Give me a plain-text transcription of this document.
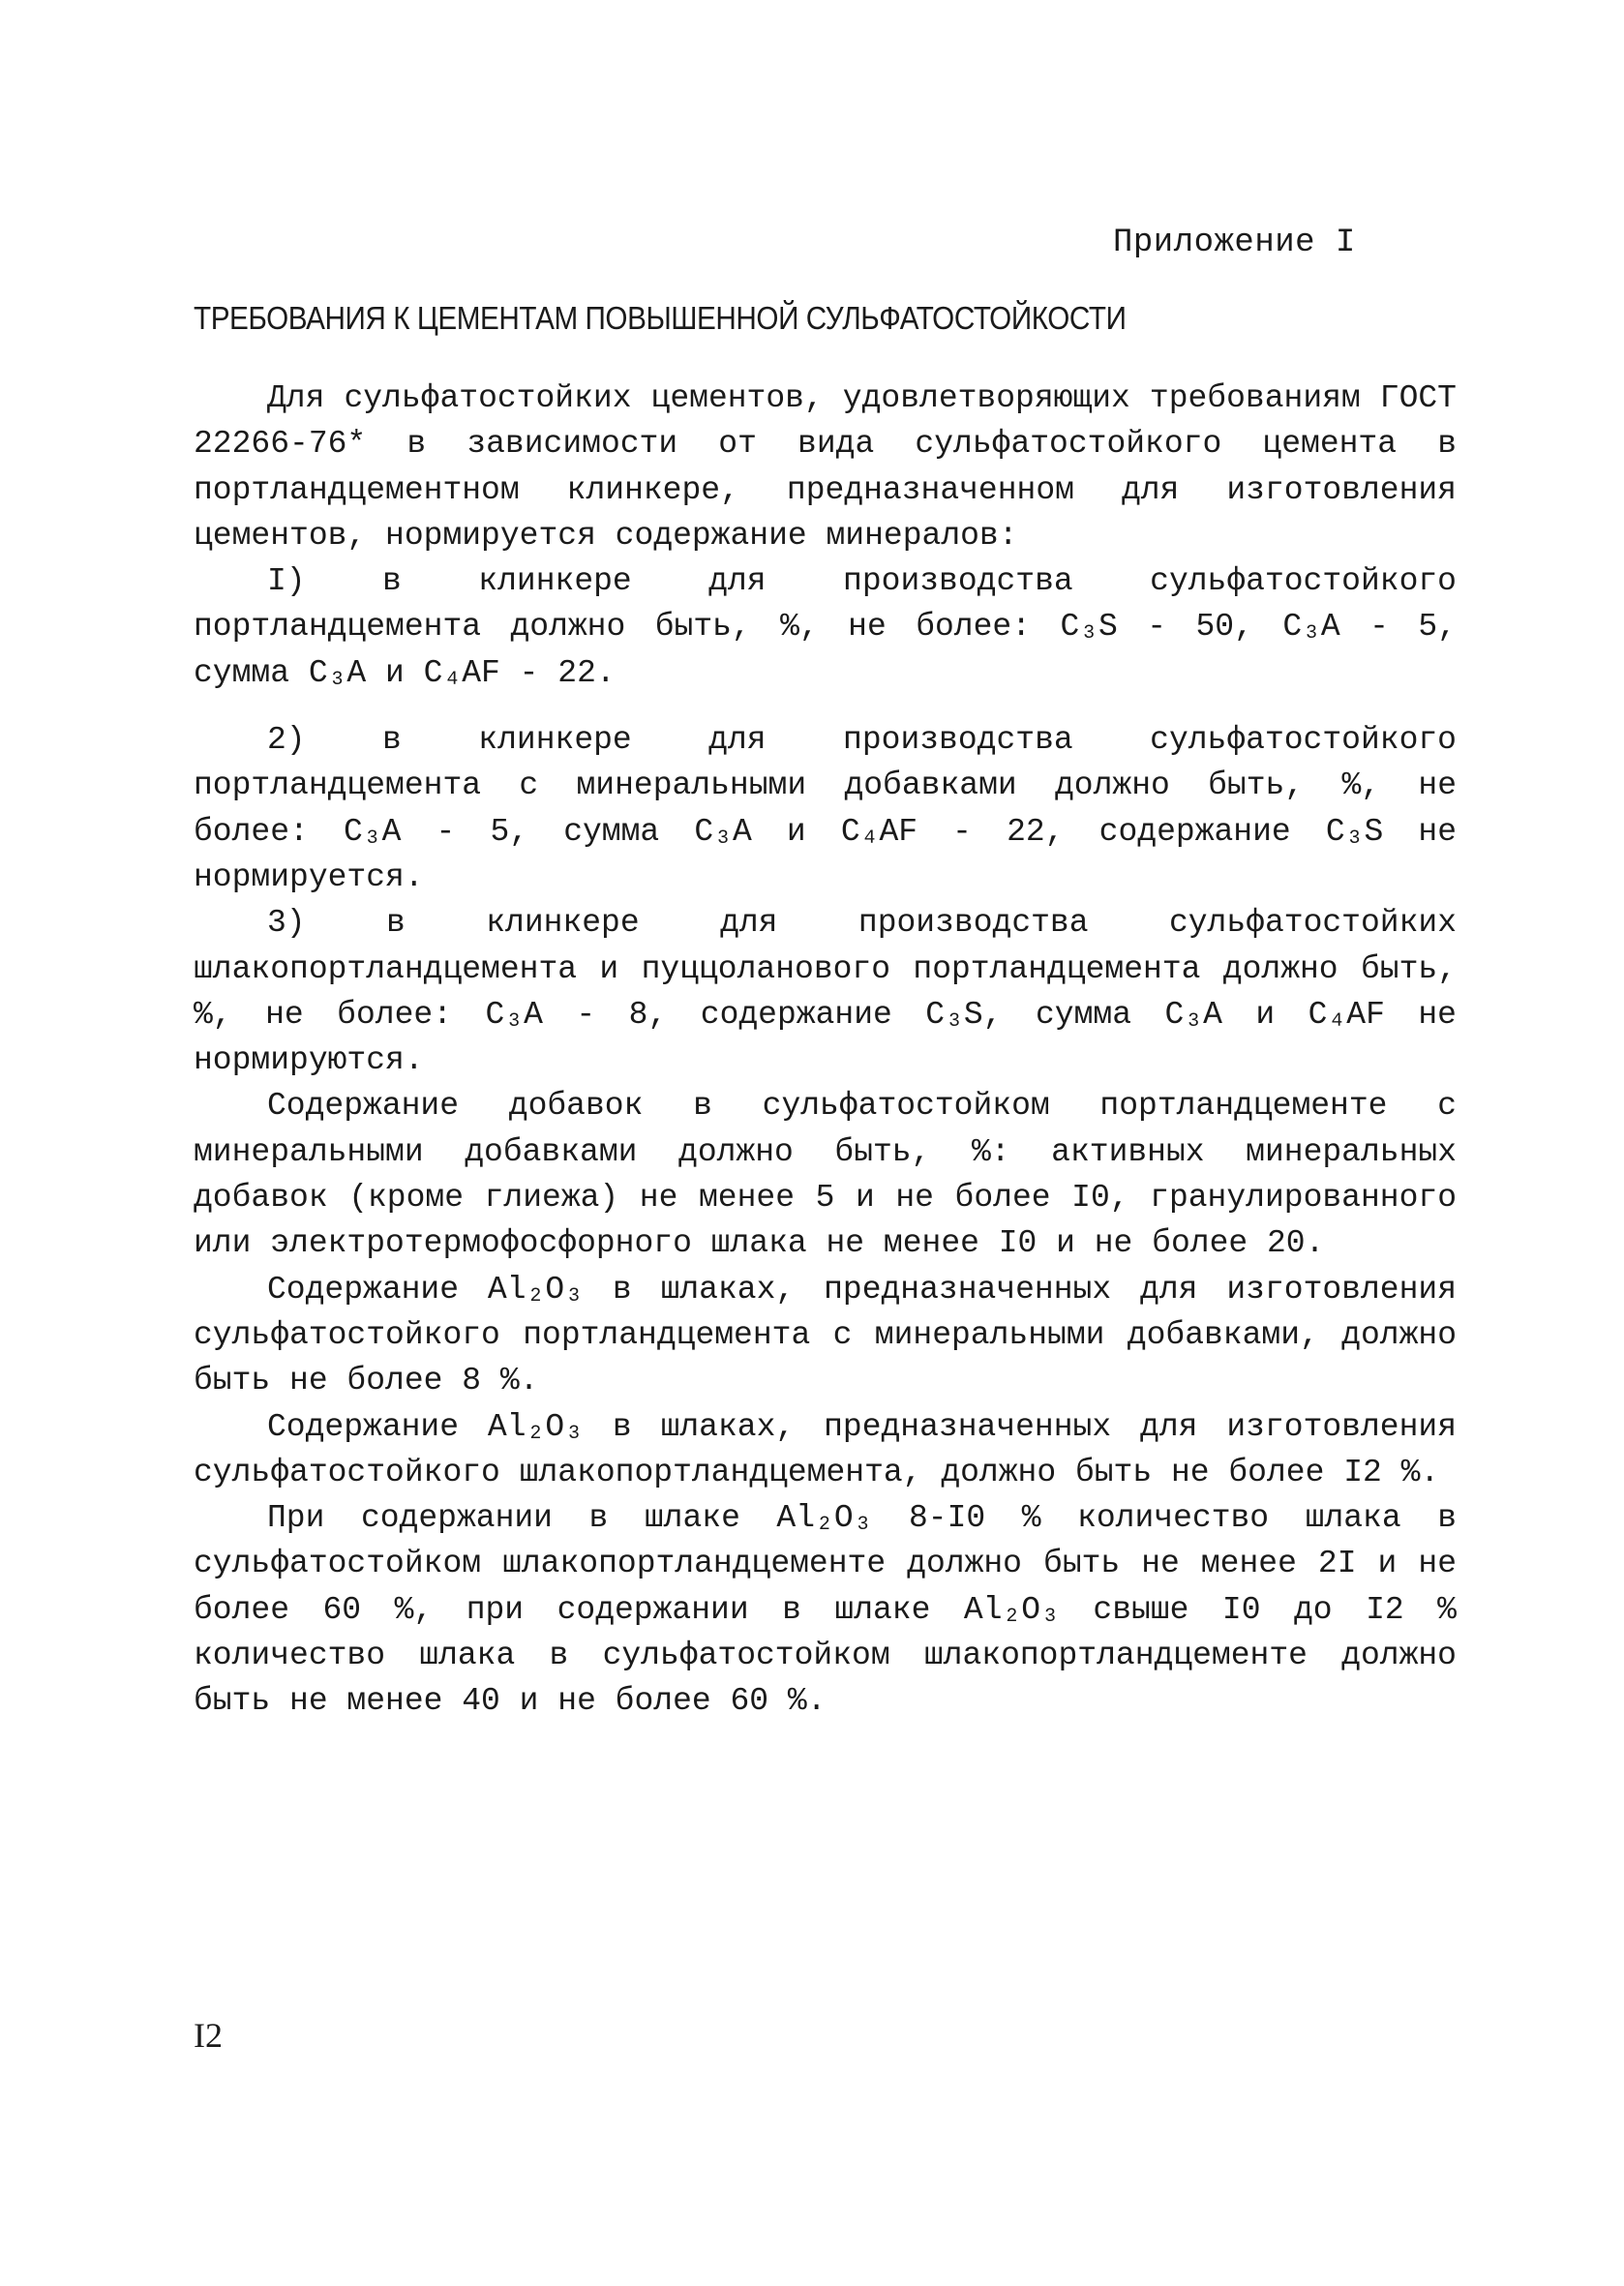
Приложение I
ТРЕБОВАНИЯ К ЦЕМЕНТАМ ПОВЫШЕННОЙ СУЛЬФАТОСТОЙКОСТИ

Для сульфатостойких цементов, удовлетворяющих требованиям ГОСТ 22266-76* в зависимости от вида сульфатостойкого цемента в портландцементном клинкере, предназначенном для изготовления цементов, нормируется содержание минералов:

I) в клинкере для производства сульфатостойкого портландцемента должно быть, %, не более: C₃S - 50, C₃A - 5, сумма C₃A и C₄AF - 22.

2) в клинкере для производства сульфатостойкого портландцемента с минеральными добавками должно быть, %, не более: C₃A - 5, сумма C₃A и C₄AF - 22, содержание C₃S не нормируется.

3) в клинкере для производства сульфатостойких шлакопортландцемента и пуццоланового портландцемента должно быть, %, не более: C₃A - 8, содержание C₃S, сумма C₃A и C₄AF не нормируются.

Содержание добавок в сульфатостойком портландцементе с минеральными добавками должно быть, %: активных минеральных добавок (кроме глиежа) не менее 5 и не более I0, гранулированного или электротермофосфорного шлака не менее I0 и не более 20.

Содержание Al₂O₃ в шлаках, предназначенных для изготовления сульфатостойкого портландцемента с минеральными добавками, должно быть не более 8 %.

Содержание Al₂O₃ в шлаках, предназначенных для изготовления сульфатостойкого шлакопортландцемента, должно быть не более I2 %.

При содержании в шлаке Al₂O₃ 8-I0 % количество шлака в сульфатостойком шлакопортландцементе должно быть не менее 2I и не более 60 %, при содержании в шлаке Al₂O₃ свыше I0 до I2 % количество шлака в сульфатостойком шлакопортландцементе должно быть не менее 40 и не более 60 %.

I2
